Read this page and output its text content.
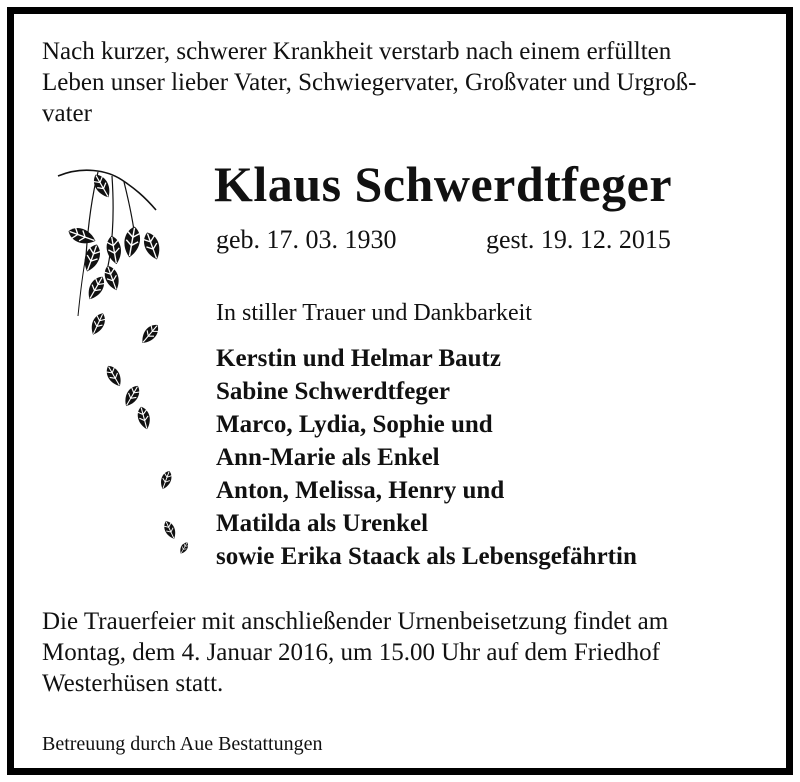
Nach kurzer, schwerer Krankheit verstarb nach einem erfüllten
Leben unser lieber Vater, Schwiegervater, Großvater und Urgroß-
vater

Klaus Schwerdtfeger
geb. 17. 03. 1930	gest. 19. 12. 2015
In stiller Trauer und Dankbarkeit
Kerstin und Helmar Bautz
Sabine Schwerdtfeger
Marco, Lydia, Sophie und
Ann-Marie als Enkel
Anton, Melissa, Henry und
Matilda als Urenkel
sowie Erika Staack als Lebensgefährtin
Die Trauerfeier mit anschließender Urnenbeisetzung findet am
Montag, dem 4. Januar 2016, um 15.00 Uhr auf dem Friedhof
Westerhüsen statt.
Betreuung durch Aue Bestattungen
